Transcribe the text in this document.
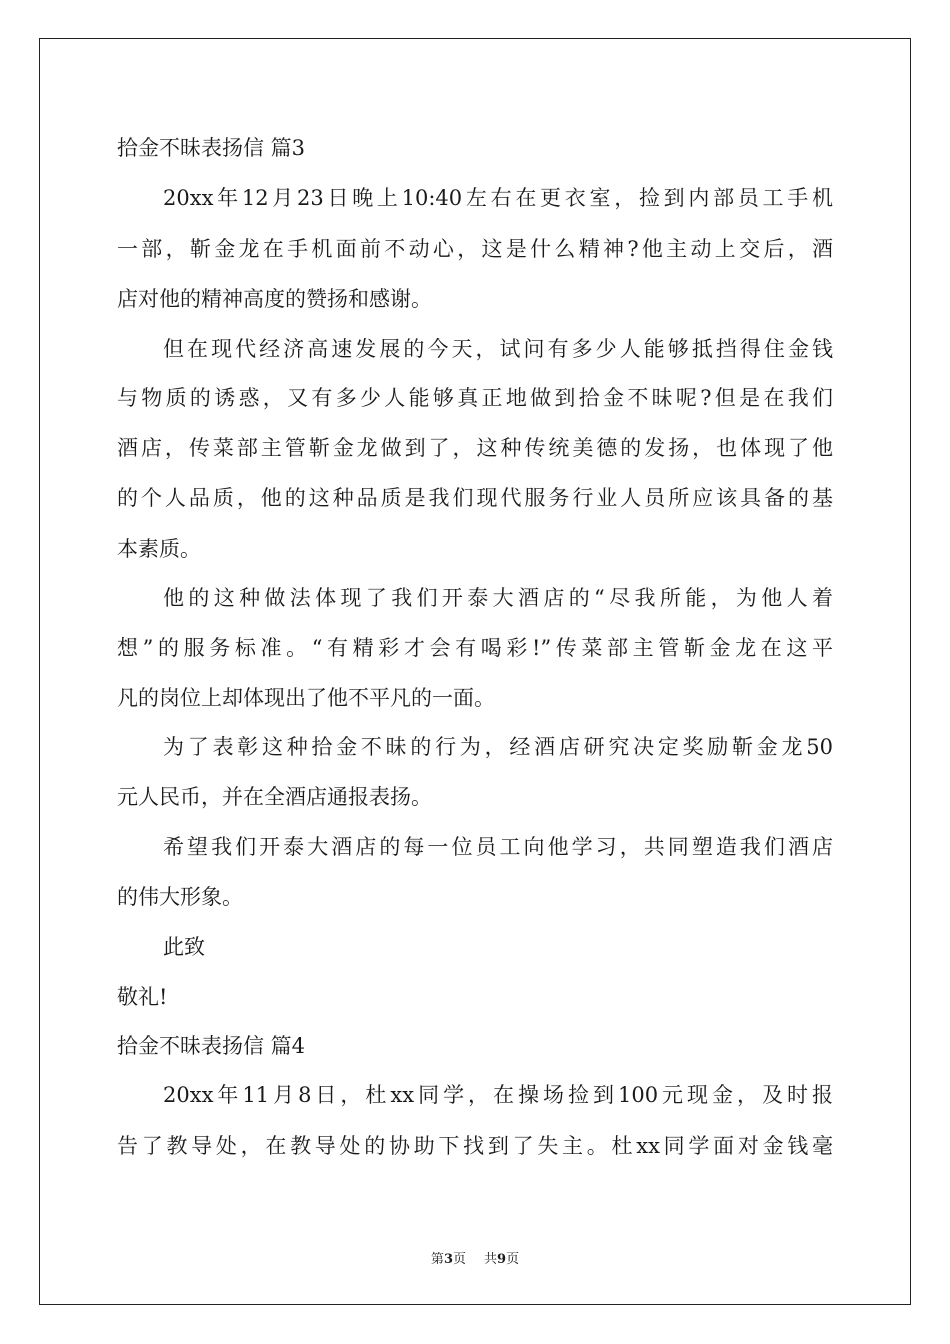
拾金不昧表扬信 篇3
20xx年12月23日晚上10:40左右在更衣室，捡到内部员工手机
一部，靳金龙在手机面前不动心，这是什么精神?他主动上交后，酒
店对他的精神高度的赞扬和感谢。
但在现代经济高速发展的今天，试问有多少人能够抵挡得住金钱
与物质的诱惑，又有多少人能够真正地做到拾金不昧呢?但是在我们
酒店，传菜部主管靳金龙做到了，这种传统美德的发扬，也体现了他
的个人品质，他的这种品质是我们现代服务行业人员所应该具备的基
本素质。
他的这种做法体现了我们开泰大酒店的“尽我所能，为他人着
想”的服务标准。“有精彩才会有喝彩!”传菜部主管靳金龙在这平
凡的岗位上却体现出了他不平凡的一面。
为了表彰这种拾金不昧的行为，经酒店研究决定奖励靳金龙50
元人民币，并在全酒店通报表扬。
希望我们开泰大酒店的每一位员工向他学习，共同塑造我们酒店
的伟大形象。
此致
敬礼!
拾金不昧表扬信 篇4
20xx年11月8日，杜xx同学，在操场捡到100元现金，及时报
告了教导处，在教导处的协助下找到了失主。杜xx同学面对金钱毫
第3页 共9页
